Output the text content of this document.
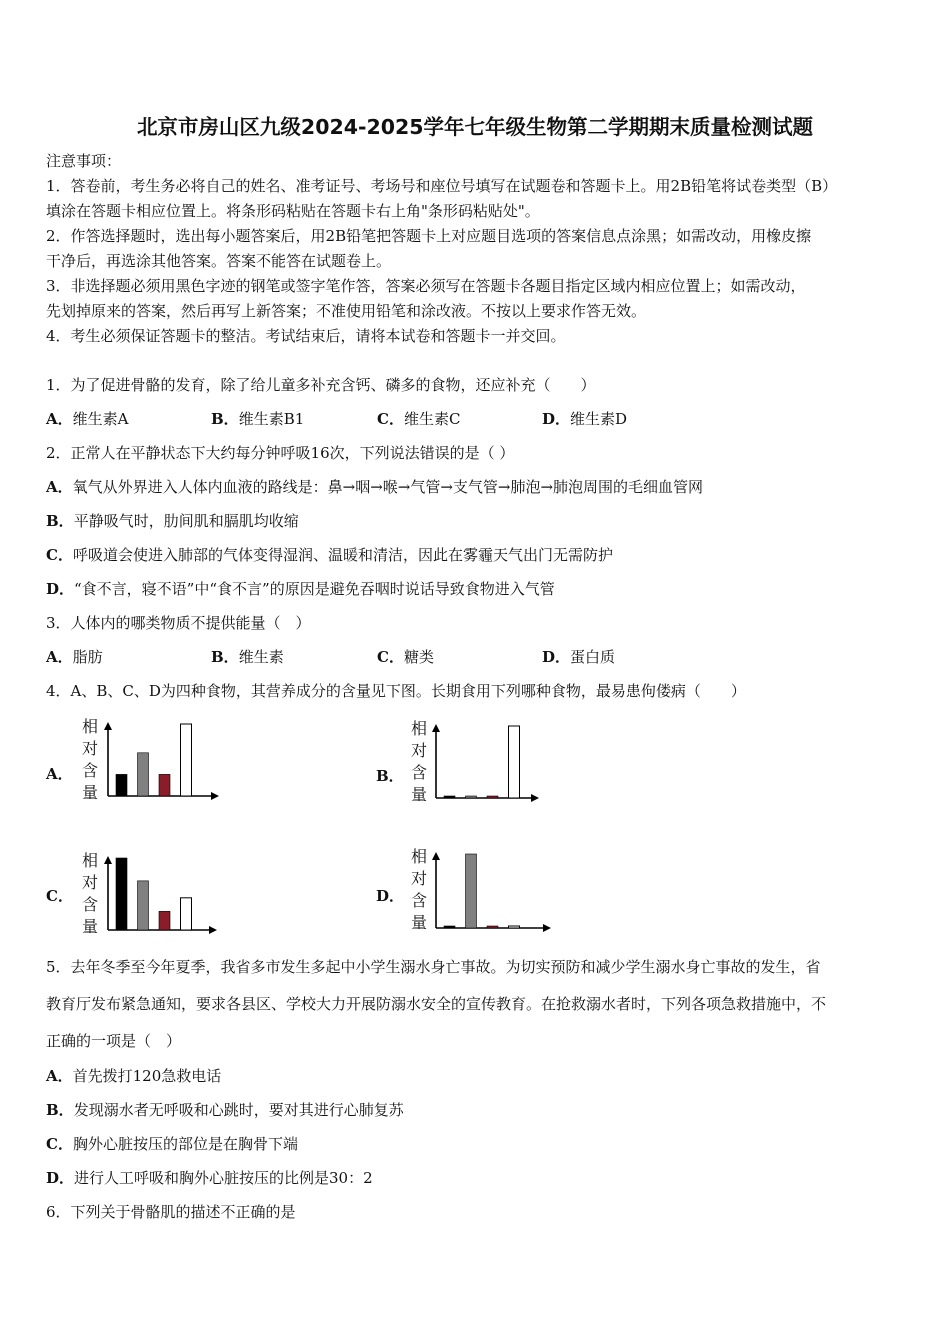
北京市房山区九级2024-2025学年七年级生物第二学期期末质量检测试题
注意事项：
1．答卷前，考生务必将自己的姓名、准考证号、考场号和座位号填写在试题卷和答题卡上。用2B铅笔将试卷类型（B）
填涂在答题卡相应位置上。将条形码粘贴在答题卡右上角"条形码粘贴处"。
2．作答选择题时，选出每小题答案后，用2B铅笔把答题卡上对应题目选项的答案信息点涂黑；如需改动，用橡皮擦
干净后，再选涂其他答案。答案不能答在试题卷上。
3．非选择题必须用黑色字迹的钢笔或签字笔作答，答案必须写在答题卡各题目指定区域内相应位置上；如需改动，
先划掉原来的答案，然后再写上新答案；不准使用铅笔和涂改液。不按以上要求作答无效。
4．考生必须保证答题卡的整洁。考试结束后，请将本试卷和答题卡一并交回。
1．为了促进骨骼的发育，除了给儿童多补充含钙、磷多的食物，还应补充（　　）
A．维生素A	B．维生素B1	C．维生素C	D．维生素D
2．正常人在平静状态下大约每分钟呼吸16次，下列说法错误的是（ ）
A．氧气从外界进入人体内血液的路线是：鼻→咽→喉→气管→支气管→肺泡→肺泡周围的毛细血管网
B．平静吸气时，肋间肌和膈肌均收缩
C．呼吸道会使进入肺部的气体变得湿润、温暖和清洁，因此在雾霾天气出门无需防护
D．“食不言，寝不语”中“食不言”的原因是避免吞咽时说话导致食物进入气管
3．人体内的哪类物质不提供能量（　）
A．脂肪	B．维生素	C．糖类	D．蛋白质
4．A、B、C、D为四种食物，其营养成分的含量见下图。长期食用下列哪种食物，最易患佝偻病（　　）
A．
相
对
含
量
B．
相
对
含
量
C．
相
对
含
量
D．
相
对
含
量
5．去年冬季至今年夏季，我省多市发生多起中小学生溺水身亡事故。为切实预防和减少学生溺水身亡事故的发生，省
教育厅发布紧急通知，要求各县区、学校大力开展防溺水安全的宣传教育。在抢救溺水者时，下列各项急救措施中，不
正确的一项是（　）
A．首先拨打120急救电话
B．发现溺水者无呼吸和心跳时，要对其进行心肺复苏
C．胸外心脏按压的部位是在胸骨下端
D．进行人工呼吸和胸外心脏按压的比例是30：2
6．下列关于骨骼肌的描述不正确的是
